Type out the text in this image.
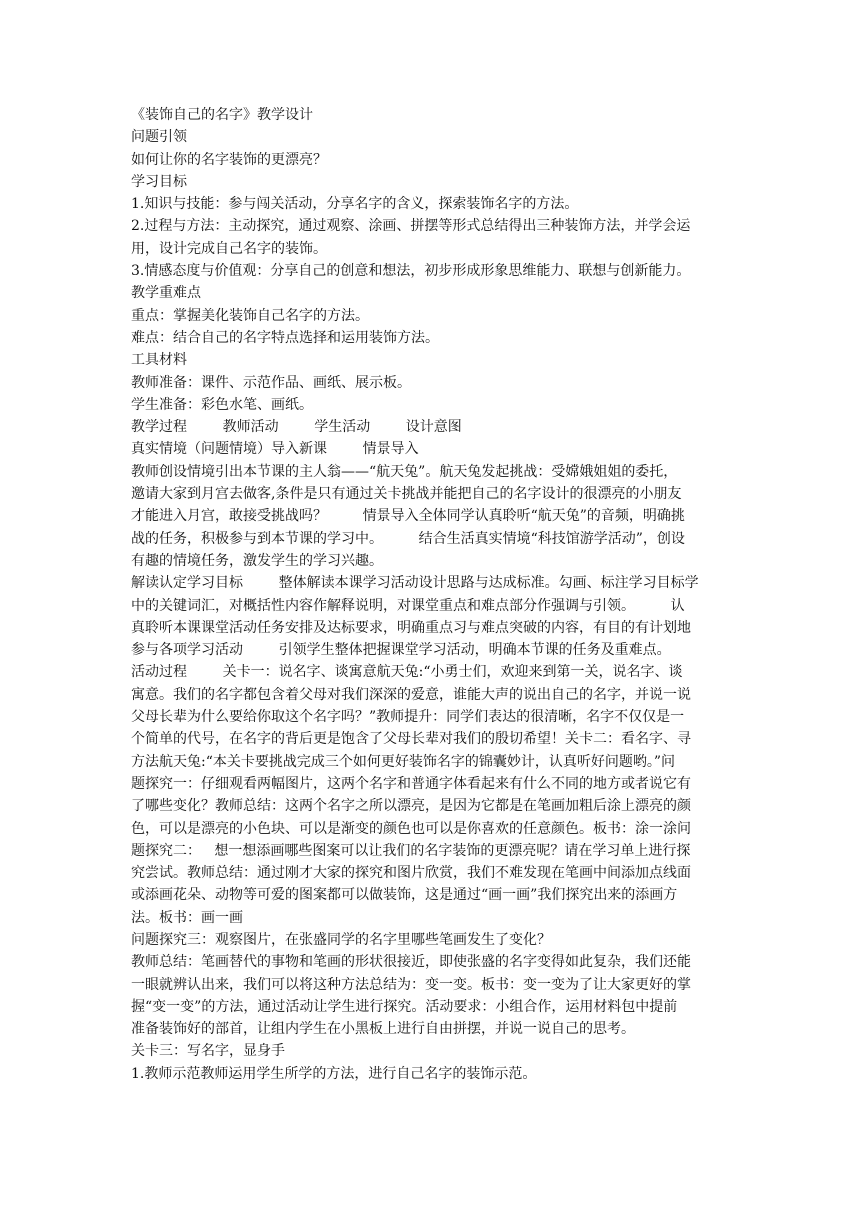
《装饰自己的名字》教学设计
问题引领
如何让你的名字装饰的更漂亮？
学习目标
1.知识与技能：参与闯关活动，分享名字的含义，探索装饰名字的方法。
2.过程与方法：主动探究，通过观察、涂画、拼摆等形式总结得出三种装饰方法，并学会运
用，设计完成自己名字的装饰。
3.情感态度与价值观：分享自己的创意和想法，初步形成形象思维能力、联想与创新能力。
教学重难点
重点：掌握美化装饰自己名字的方法。
难点：结合自己的名字特点选择和运用装饰方法。
工具材料
教师准备：课件、示范作品、画纸、展示板。
学生准备：彩色水笔、画纸。
教学过程        教师活动        学生活动        设计意图
真实情境（问题情境）导入新课        情景导入
教师创设情境引出本节课的主人翁——“航天兔”。航天兔发起挑战：受嫦娥姐姐的委托，
邀请大家到月宫去做客,条件是只有通过关卡挑战并能把自己的名字设计的很漂亮的小朋友
才能进入月宫，敢接受挑战吗？        情景导入全体同学认真聆听“航天兔”的音频，明确挑
战的任务，积极参与到本节课的学习中。        结合生活真实情境“科技馆游学活动”，创设
有趣的情境任务，激发学生的学习兴趣。
解读认定学习目标        整体解读本课学习活动设计思路与达成标准。勾画、标注学习目标学
中的关键词汇，对概括性内容作解释说明，对课堂重点和难点部分作强调与引领。        认
真聆听本课课堂活动任务安排及达标要求，明确重点习与难点突破的内容，有目的有计划地
参与各项学习活动        引领学生整体把握课堂学习活动，明确本节课的任务及重难点。
活动过程        关卡一：说名字、谈寓意航天兔:“小勇士们，欢迎来到第一关，说名字、谈
寓意。我们的名字都包含着父母对我们深深的爱意，谁能大声的说出自己的名字，并说一说
父母长辈为什么要给你取这个名字吗？”教师提升：同学们表达的很清晰，名字不仅仅是一
个简单的代号，在名字的背后更是饱含了父母长辈对我们的殷切希望！关卡二：看名字、寻
方法航天兔:“本关卡要挑战完成三个如何更好装饰名字的锦囊妙计，认真听好问题哟。”问
题探究一：仔细观看两幅图片，这两个名字和普通字体看起来有什么不同的地方或者说它有
了哪些变化？教师总结：这两个名字之所以漂亮，是因为它都是在笔画加粗后涂上漂亮的颜
色，可以是漂亮的小色块、可以是渐变的颜色也可以是你喜欢的任意颜色。板书：涂一涂问
题探究二：   想一想添画哪些图案可以让我们的名字装饰的更漂亮呢？请在学习单上进行探
究尝试。教师总结：通过刚才大家的探究和图片欣赏，我们不难发现在笔画中间添加点线面
或添画花朵、动物等可爱的图案都可以做装饰，这是通过“画一画”我们探究出来的添画方
法。板书：画一画
问题探究三：观察图片，在张盛同学的名字里哪些笔画发生了变化？
教师总结：笔画替代的事物和笔画的形状很接近，即使张盛的名字变得如此复杂，我们还能
一眼就辨认出来，我们可以将这种方法总结为：变一变。板书：变一变为了让大家更好的掌
握“变一变”的方法，通过活动让学生进行探究。活动要求：小组合作，运用材料包中提前
准备装饰好的部首，让组内学生在小黑板上进行自由拼摆，并说一说自己的思考。
关卡三：写名字，显身手
1.教师示范教师运用学生所学的方法，进行自己名字的装饰示范。
